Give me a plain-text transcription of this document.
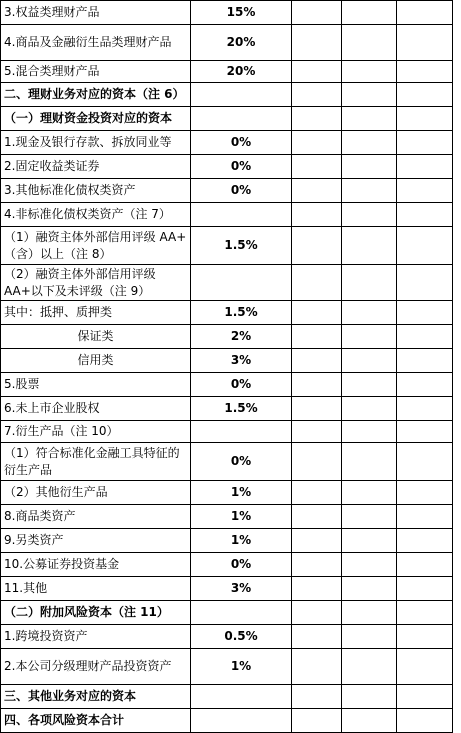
3.权益类理财产品	15%			
4.商品及金融衍生品类理财产品	20%			
5.混合类理财产品	20%			
二、理财业务对应的资本（注 6）				
（一）理财资金投资对应的资本				
1.现金及银行存款、拆放同业等	0%			
2.固定收益类证券	0%			
3.其他标准化债权类资产	0%			
4.非标准化债权类资产（注 7）				
（1）融资主体外部信用评级 AA+（含）以上（注 8）	1.5%			
（2）融资主体外部信用评级 AA+以下及未评级（注 9）				
其中：抵押、质押类	1.5%			
保证类	2%			
信用类	3%			
5.股票	0%			
6.未上市企业股权	1.5%			
7.衍生产品（注 10）				
（1）符合标准化金融工具特征的衍生产品	0%			
（2）其他衍生产品	1%			
8.商品类资产	1%			
9.另类资产	1%			
10.公募证券投资基金	0%			
11.其他	3%			
（二）附加风险资本（注 11）				
1.跨境投资资产	0.5%			
2.本公司分级理财产品投资资产	1%			
三、其他业务对应的资本				
四、各项风险资本合计				
